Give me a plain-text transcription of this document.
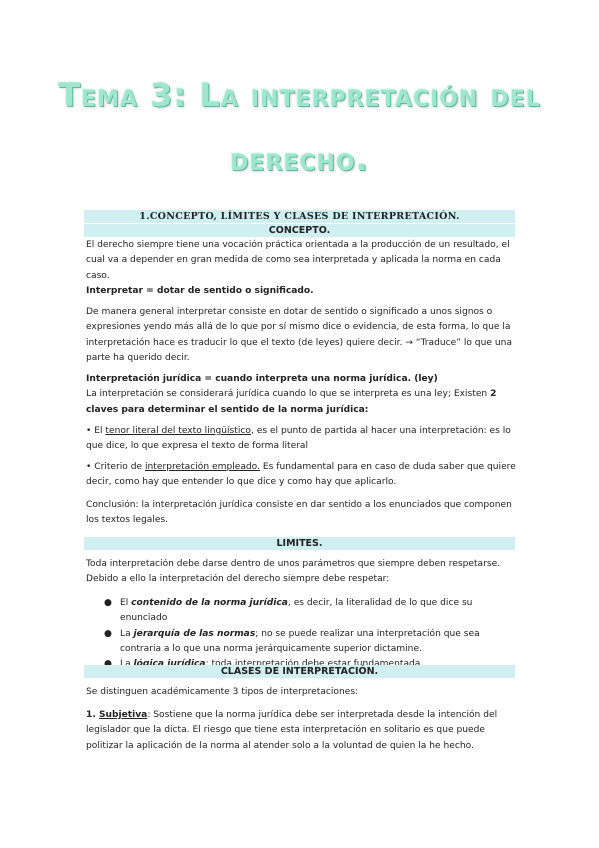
Tema 3: La interpretación del
derecho.
1.CONCEPTO, LÍMITES Y CLASES DE INTERPRETACIÓN.
CONCEPTO.
El derecho siempre tiene una vocación práctica orientada a la producción de un resultado, el cual va a depender en gran medida de como sea interpretada y aplicada la norma en cada caso.
Interpretar = dotar de sentido o significado.
De manera general interpretar consiste en dotar de sentido o significado a unos signos o expresiones yendo más allá de lo que por sí mismo dice o evidencia, de esta forma, lo que la interpretación hace es traducir lo que el texto (de leyes) quiere decir. → “Traduce” lo que una parte ha querido decir.
Interpretación jurídica = cuando interpreta una norma jurídica. (ley)
La interpretación se considerará jurídica cuando lo que se interpreta es una ley; Existen 2 claves para determinar el sentido de la norma jurídica:
• El tenor literal del texto lingüístico, es el punto de partida al hacer una interpretación: es lo que dice, lo que expresa el texto de forma literal
• Criterio de interpretación empleado. Es fundamental para en caso de duda saber que quiere decir, como hay que entender lo que dice y como hay que aplicarlo.
Conclusión: la interpretación jurídica consiste en dar sentido a los enunciados que componen los textos legales.
LIMITES.
Toda interpretación debe darse dentro de unos parámetros que siempre deben respetarse. Debido a ello la interpretación del derecho siempre debe respetar:
● El contenido de la norma jurídica, es decir, la literalidad de lo que dice su enunciado
● La jerarquía de las normas; no se puede realizar una interpretación que sea contraria a lo que una norma jerárquicamente superior dictamine.
CLASES DE INTERPRETACIÓN.
Se distinguen académicamente 3 tipos de interpretaciones:
1. Subjetiva: Sostiene que la norma jurídica debe ser interpretada desde la intención del legislador que la dicta. El riesgo que tiene esta interpretación en solitario es que puede politizar la aplicación de la norma al atender solo a la voluntad de quien la he hecho.
